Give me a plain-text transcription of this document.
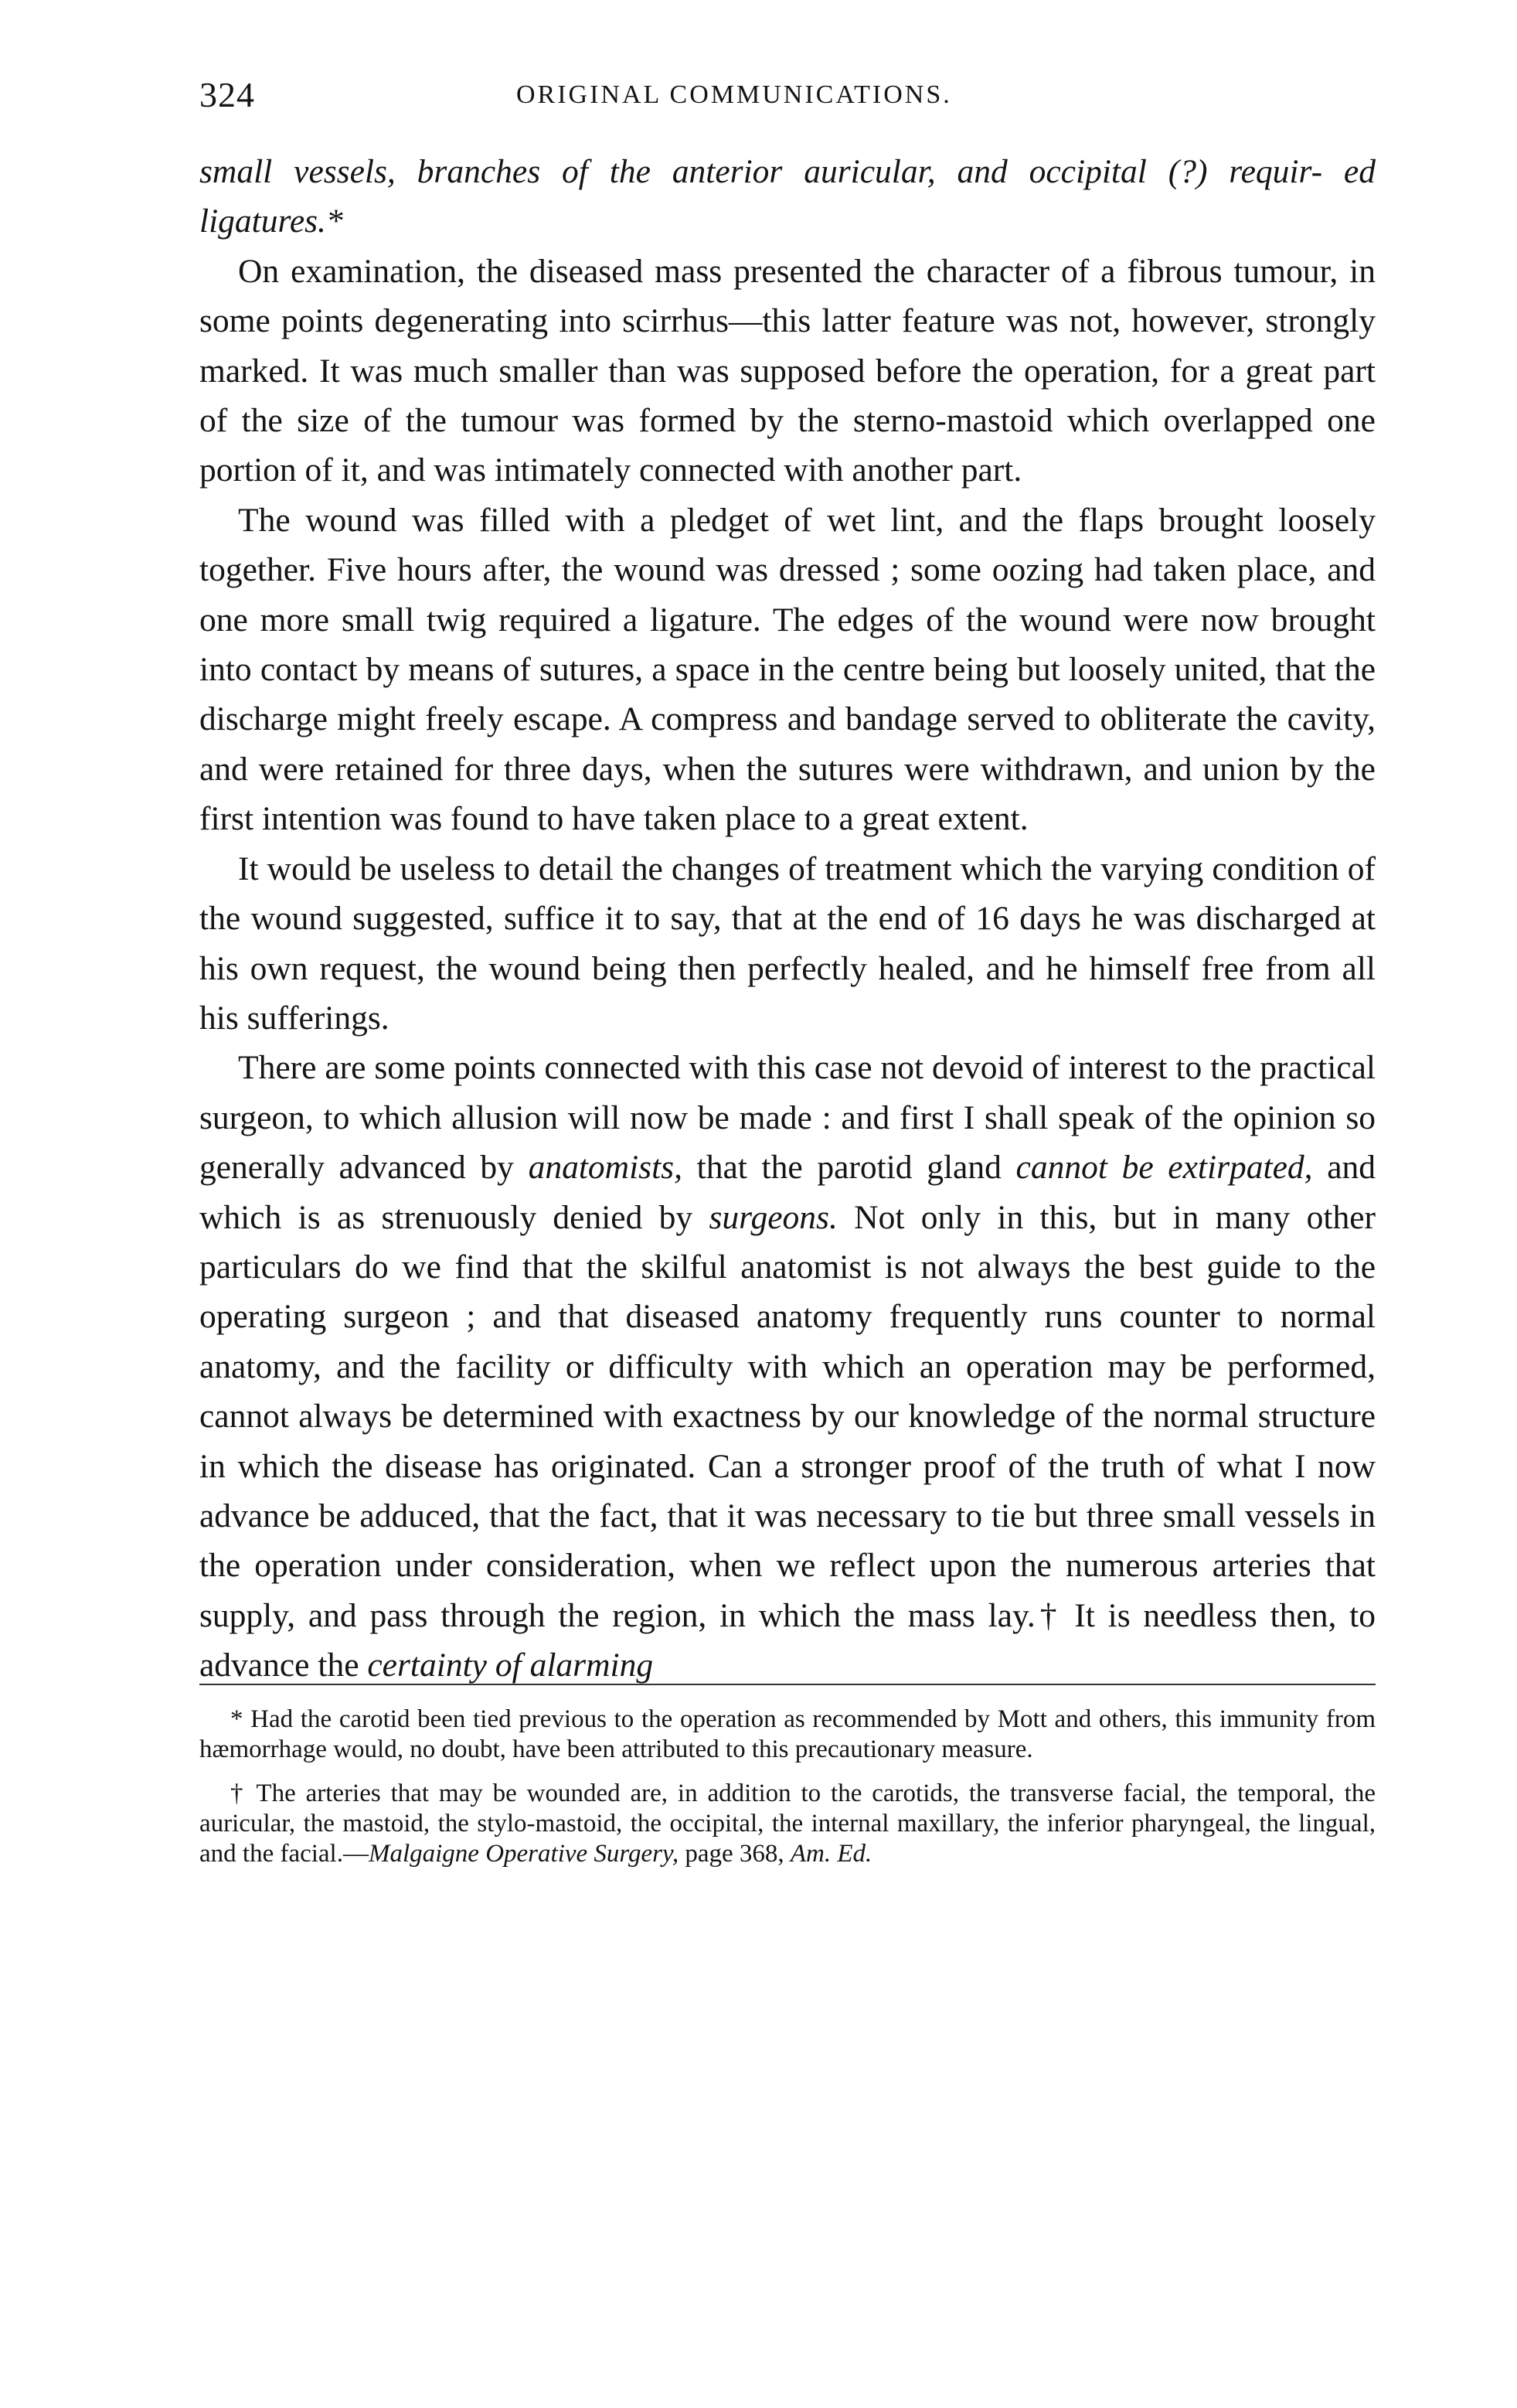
324	ORIGINAL COMMUNICATIONS.

small vessels, branches of the anterior auricular, and occipital (?) requir- ed ligatures.*

On examination, the diseased mass presented the character of a fibrous tumour, in some points degenerating into scirrhus—this latter feature was not, however, strongly marked. It was much smaller than was supposed before the operation, for a great part of the size of the tumour was formed by the sterno-mastoid which overlapped one portion of it, and was intimately connected with another part.

The wound was filled with a pledget of wet lint, and the flaps brought loosely together. Five hours after, the wound was dressed ; some oozing had taken place, and one more small twig required a ligature. The edges of the wound were now brought into contact by means of sutures, a space in the centre being but loosely united, that the discharge might freely escape. A compress and bandage served to obliterate the cavity, and were retained for three days, when the sutures were withdrawn, and union by the first intention was found to have taken place to a great extent.

It would be useless to detail the changes of treatment which the varying condition of the wound suggested, suffice it to say, that at the end of 16 days he was discharged at his own request, the wound being then perfectly healed, and he himself free from all his sufferings.

There are some points connected with this case not devoid of interest to the practical surgeon, to which allusion will now be made : and first I shall speak of the opinion so generally advanced by anatomists, that the parotid gland cannot be extirpated, and which is as strenuously denied by surgeons. Not only in this, but in many other particulars do we find that the skilful anatomist is not always the best guide to the operating surgeon ; and that diseased anatomy frequently runs counter to normal anatomy, and the facility or difficulty with which an operation may be performed, cannot always be determined with exactness by our knowledge of the normal structure in which the disease has originated. Can a stronger proof of the truth of what I now advance be adduced, that the fact, that it was necessary to tie but three small vessels in the operation under consideration, when we reflect upon the numerous arteries that supply, and pass through the region, in which the mass lay.† It is needless then, to advance the certainty of alarming

* Had the carotid been tied previous to the operation as recommended by Mott and others, this immunity from hæmorrhage would, no doubt, have been attributed to this precautionary measure.

† The arteries that may be wounded are, in addition to the carotids, the transverse facial, the temporal, the auricular, the mastoid, the stylo-mastoid, the occipital, the internal maxillary, the inferior pharyngeal, the lingual, and the facial.—Malgaigne Operative Surgery, page 368, Am. Ed.
